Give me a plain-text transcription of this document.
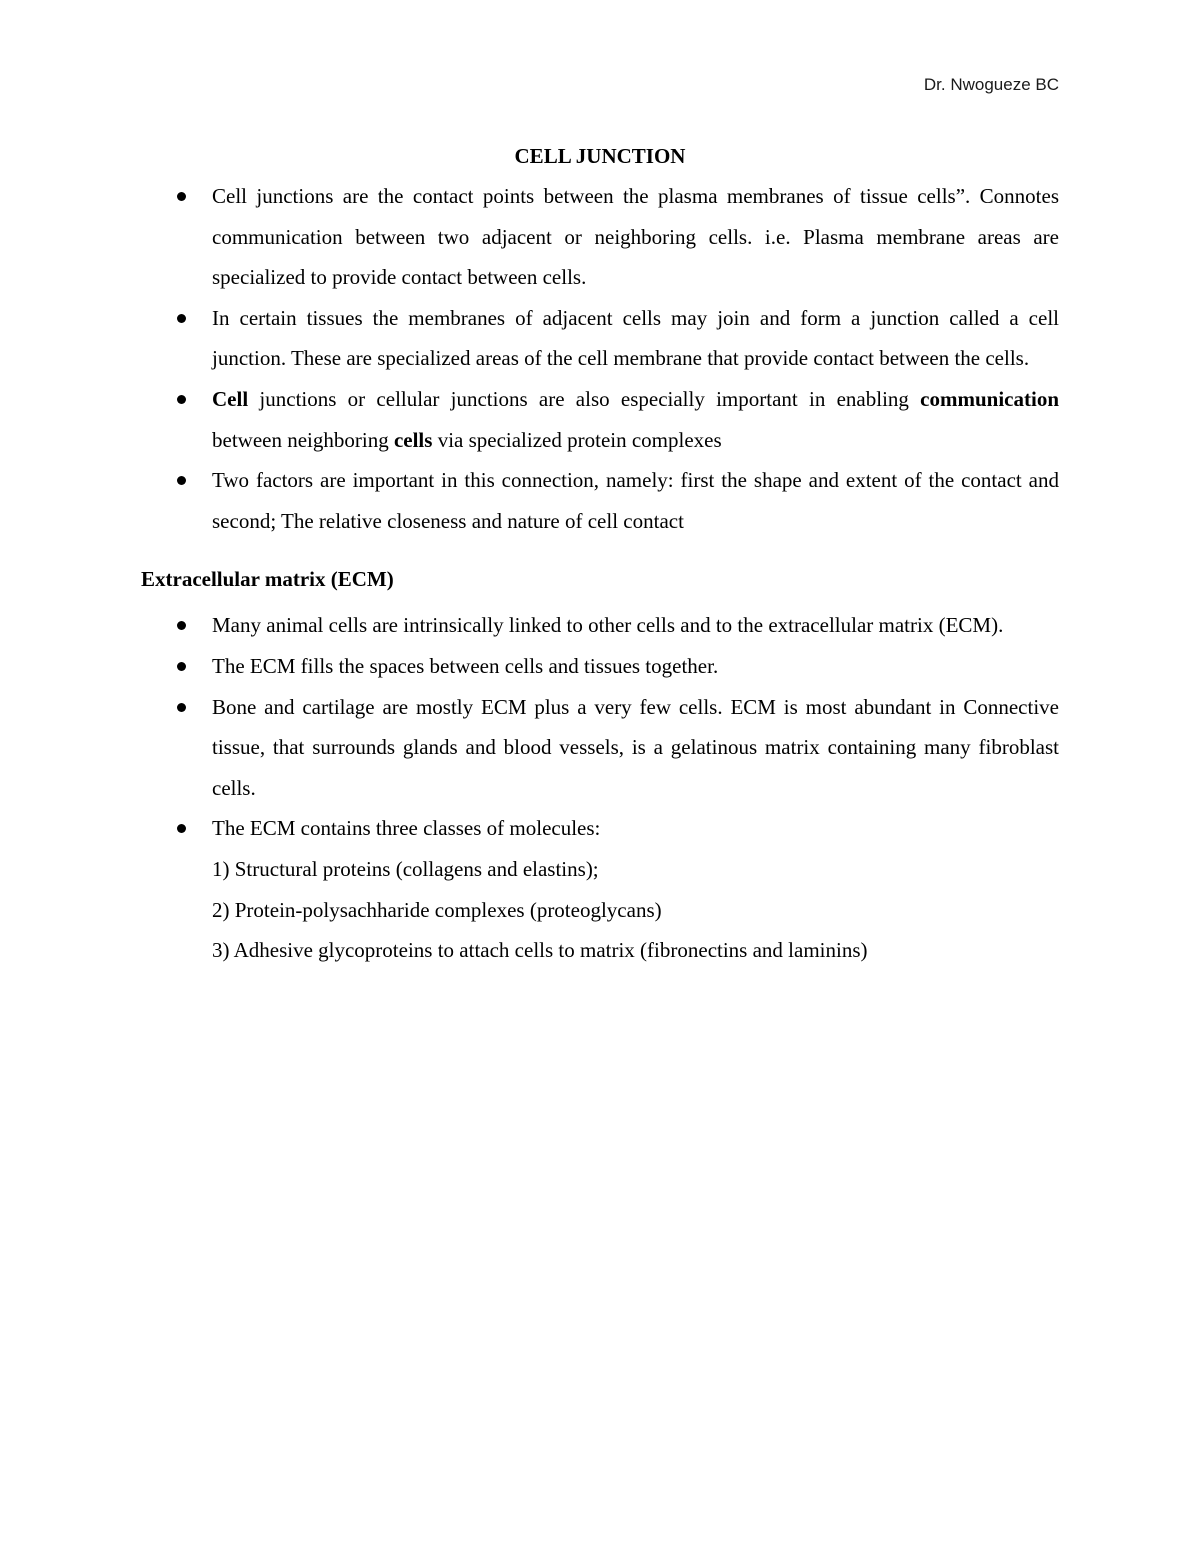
Dr. Nwogueze BC
CELL JUNCTION
Cell junctions are the contact points between the plasma membranes of tissue cells”. Connotes communication between two adjacent or neighboring cells. i.e. Plasma membrane areas are specialized to provide contact between cells.
In certain tissues the membranes of adjacent cells may join and form a junction called a cell junction. These are specialized areas of the cell membrane that provide contact between the cells.
Cell junctions or cellular junctions are also especially important in enabling communication between neighboring cells via specialized protein complexes
Two factors are important in this connection, namely: first the shape and extent of the contact and second; The relative closeness and nature of cell contact
Extracellular matrix (ECM)
Many animal cells are intrinsically linked to other cells and to the extracellular matrix (ECM).
The ECM fills the spaces between cells and tissues together.
Bone and cartilage are mostly ECM plus a very few cells. ECM is most abundant in Connective tissue, that surrounds glands and blood vessels, is a gelatinous matrix containing many fibroblast cells.
The ECM contains three classes of molecules:
1) Structural proteins (collagens and elastins);
2) Protein-polysachharide complexes (proteoglycans)
3) Adhesive glycoproteins to attach cells to matrix (fibronectins and laminins)
